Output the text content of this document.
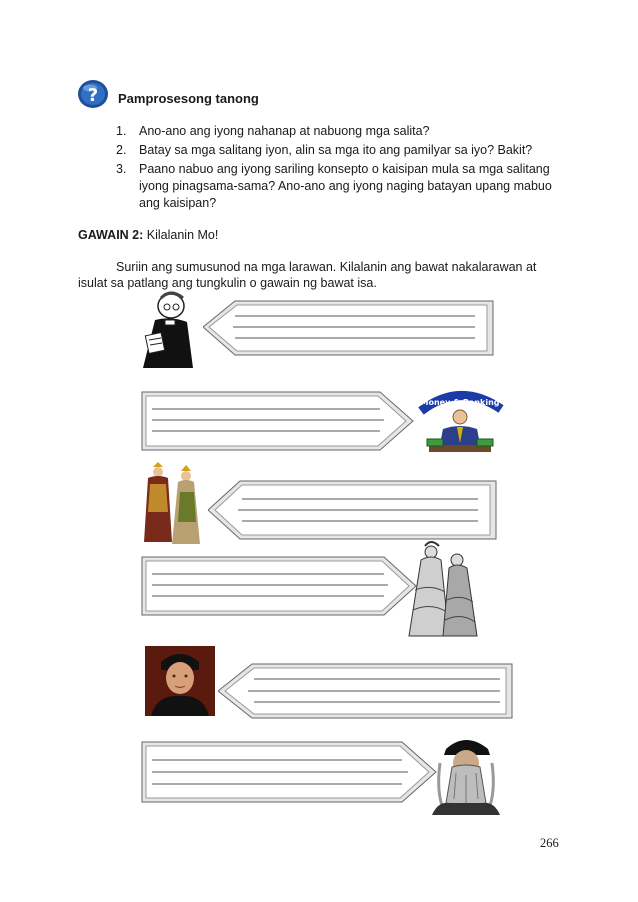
? Pamprosesong tanong
1.	Ano-ano ang iyong nahanap at nabuong mga salita?
2.	Batay sa mga salitang iyon, alin sa mga ito ang pamilyar sa iyo? Bakit?
3.	Paano nabuo ang iyong sariling konsepto o kaisipan mula sa mga salitang iyong pinagsama-sama? Ano-ano ang iyong naging batayan upang mabuo ang kaisipan?
GAWAIN 2: Kilalanin Mo!
Suriin ang sumusunod na mga larawan. Kilalanin ang bawat nakalarawan at isulat sa patlang ang tungkulin o gawain ng bawat isa.
Money & Banking
266
